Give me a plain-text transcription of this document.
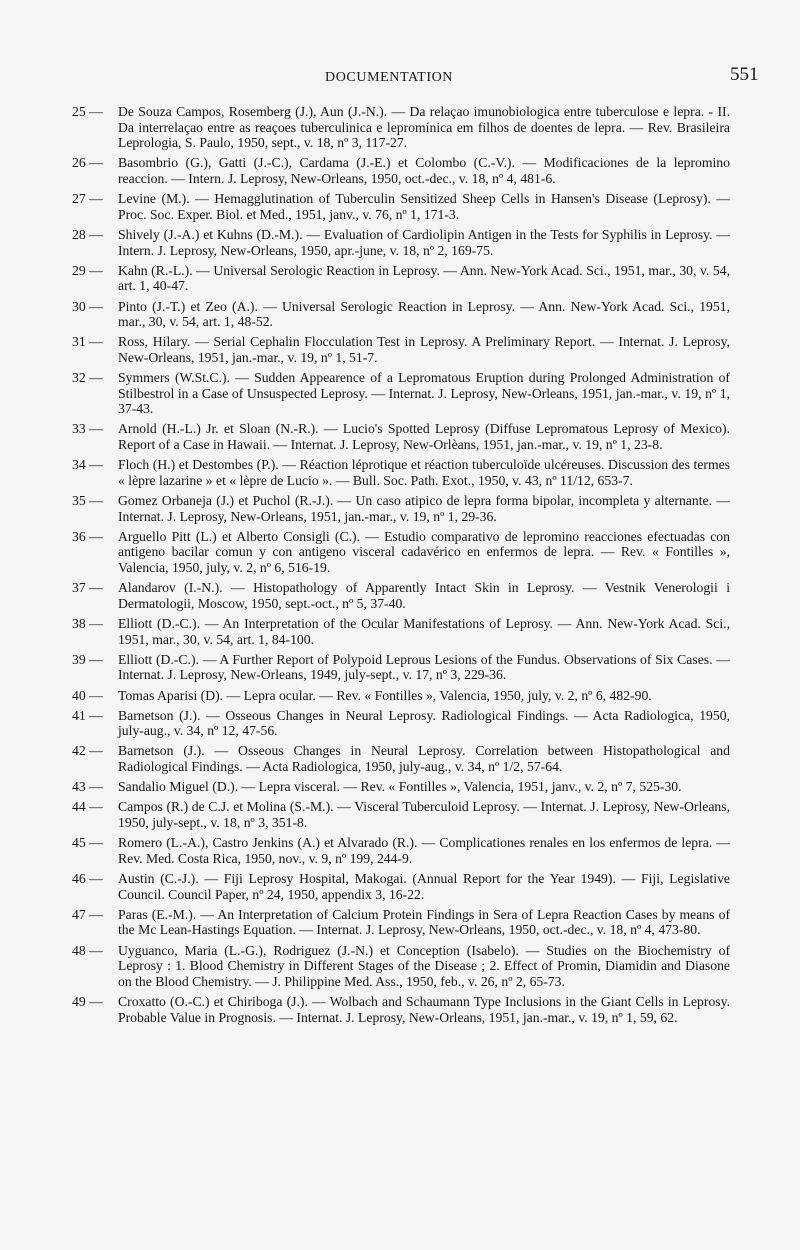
DOCUMENTATION	551
25 —	De Souza Campos, Rosemberg (J.), Aun (J.-N.). — Da relaçao imunobiologica entre tuberculose e lepra. - II. Da interrelaçao entre as reaçoes tuberculinica e lepromínica em filhos de doentes de lepra. — Rev. Brasileira Leprologia, S. Paulo, 1950, sept., v. 18, nº 3, 117-27.
26 —	Basombrio (G.), Gatti (J.-C.), Cardama (J.-E.) et Colombo (C.-V.). — Modificaciones de la lepromino reaccion. — Intern. J. Leprosy, New-Orleans, 1950, oct.-dec., v. 18, nº 4, 481-6.
27 —	Levine (M.). — Hemagglutination of Tuberculin Sensitized Sheep Cells in Hansen's Disease (Leprosy). — Proc. Soc. Exper. Biol. et Med., 1951, janv., v. 76, nº 1, 171-3.
28 —	Shively (J.-A.) et Kuhns (D.-M.). — Evaluation of Cardiolipin Antigen in the Tests for Syphilis in Leprosy. — Intern. J. Leprosy, New-Orleans, 1950, apr.-june, v. 18, nº 2, 169-75.
29 —	Kahn (R.-L.). — Universal Serologic Reaction in Leprosy. — Ann. New-York Acad. Sci., 1951, mar., 30, v. 54, art. 1, 40-47.
30 —	Pinto (J.-T.) et Zeo (A.). — Universal Serologic Reaction in Leprosy. — Ann. New-York Acad. Sci., 1951, mar., 30, v. 54, art. 1, 48-52.
31 —	Ross, Hilary. — Serial Cephalin Flocculation Test in Leprosy. A Preliminary Report. — Internat. J. Leprosy, New-Orleans, 1951, jan.-mar., v. 19, nº 1, 51-7.
32 —	Symmers (W.St.C.). — Sudden Appearence of a Lepromatous Eruption during Prolonged Administration of Stilbestrol in a Case of Unsuspected Leprosy. — Internat. J. Leprosy, New-Orleans, 1951, jan.-mar., v. 19, nº 1, 37-43.
33 —	Arnold (H.-L.) Jr. et Sloan (N.-R.). — Lucio's Spotted Leprosy (Diffuse Lepromatous Leprosy of Mexico). Report of a Case in Hawaii. — Internat. J. Leprosy, New-Orlèans, 1951, jan.-mar., v. 19, nº 1, 23-8.
34 —	Floch (H.) et Destombes (P.). — Réaction léprotique et réaction tuberculoïde ulcéreuses. Discussion des termes « lèpre lazarine » et « lèpre de Lucio ». — Bull. Soc. Path. Exot., 1950, v. 43, nº 11/12, 653-7.
35 —	Gomez Orbaneja (J.) et Puchol (R.-J.). — Un caso atipico de lepra forma bipolar, incompleta y alternante. — Internat. J. Leprosy, New-Orleans, 1951, jan.-mar., v. 19, nº 1, 29-36.
36 —	Arguello Pitt (L.) et Alberto Consigli (C.). — Estudio comparativo de lepromino reacciones efectuadas con antigeno bacilar comun y con antigeno visceral cadavérico en enfermos de lepra. — Rev. « Fontilles », Valencia, 1950, july, v. 2, nº 6, 516-19.
37 —	Alandarov (I.-N.). — Histopathology of Apparently Intact Skin in Leprosy. — Vestnik Venerologii i Dermatologii, Moscow, 1950, sept.-oct., nº 5, 37-40.
38 —	Elliott (D.-C.). — An Interpretation of the Ocular Manifestations of Leprosy. — Ann. New-York Acad. Sci., 1951, mar., 30, v. 54, art. 1, 84-100.
39 —	Elliott (D.-C.). — A Further Report of Polypoid Leprous Lesions of the Fundus. Observations of Six Cases. — Internat. J. Leprosy, New-Orleans, 1949, july-sept., v. 17, nº 3, 229-36.
40 —	Tomas Aparisi (D). — Lepra ocular. — Rev. « Fontilles », Valencia, 1950, july, v. 2, nº 6, 482-90.
41 —	Barnetson (J.). — Osseous Changes in Neural Leprosy. Radiological Findings. — Acta Radiologica, 1950, july-aug., v. 34, nº 12, 47-56.
42 —	Barnetson (J.). — Osseous Changes in Neural Leprosy. Correlation between Histopathological and Radiological Findings. — Acta Radiologica, 1950, july-aug., v. 34, nº 1/2, 57-64.
43 —	Sandalio Miguel (D.). — Lepra visceral. — Rev. « Fontilles », Valencia, 1951, janv., v. 2, nº 7, 525-30.
44 —	Campos (R.) de C.J. et Molina (S.-M.). — Visceral Tuberculoid Leprosy. — Internat. J. Leprosy, New-Orleans, 1950, july-sept., v. 18, nº 3, 351-8.
45 —	Romero (L.-A.), Castro Jenkins (A.) et Alvarado (R.). — Complicationes renales en los enfermos de lepra. — Rev. Med. Costa Rica, 1950, nov., v. 9, nº 199, 244-9.
46 —	Austin (C.-J.). — Fiji Leprosy Hospital, Makogai. (Annual Report for the Year 1949). — Fiji, Legislative Council. Council Paper, nº 24, 1950, appendix 3, 16-22.
47 —	Paras (E.-M.). — An Interpretation of Calcium Protein Findings in Sera of Lepra Reaction Cases by means of the Mc Lean-Hastings Equation. — Internat. J. Leprosy, New-Orleans, 1950, oct.-dec., v. 18, nº 4, 473-80.
48 —	Uyguanco, Maria (L.-G.), Rodriguez (J.-N.) et Conception (Isabelo). — Studies on the Biochemistry of Leprosy : 1. Blood Chemistry in Different Stages of the Disease ; 2. Effect of Promin, Diamidin and Diasone on the Blood Chemistry. — J. Philippine Med. Ass., 1950, feb., v. 26, nº 2, 65-73.
49 —	Croxatto (O.-C.) et Chiriboga (J.). — Wolbach and Schaumann Type Inclusions in the Giant Cells in Leprosy. Probable Value in Prognosis. — Internat. J. Leprosy, New-Orleans, 1951, jan.-mar., v. 19, nº 1, 59, 62.
